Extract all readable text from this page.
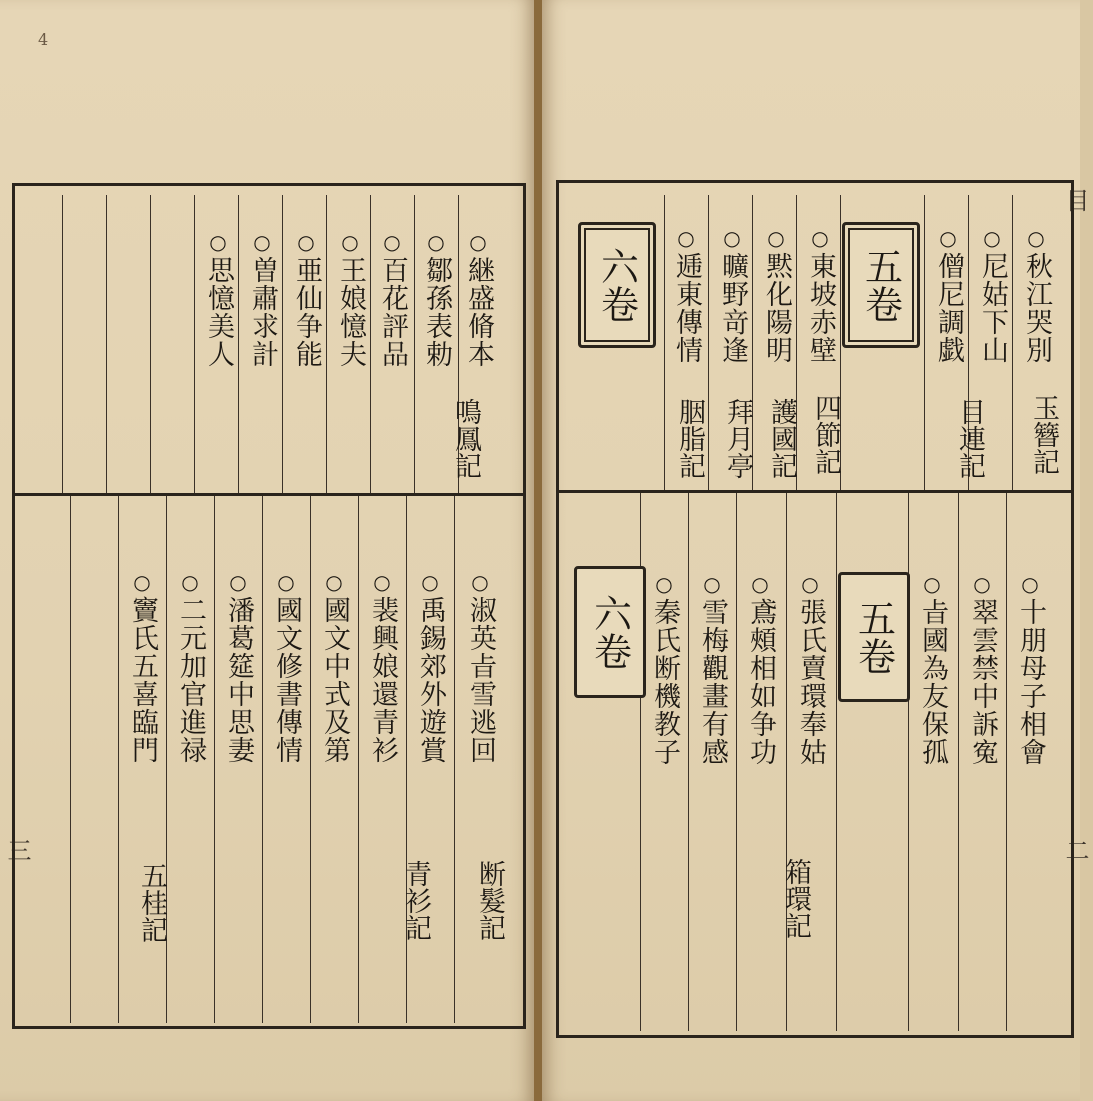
4
目
三	二
○
継盛脩本
○
鄒孫表勅
○
百花評品
○
王娘憶夫
○
亜仙争能
○
曽肅求計
○
思憶美人
鳴鳳記
○
淑英㫖雪逃回
○
禹錫郊外遊賞
○
裴興娘還青衫
○
國文中式及第
○
國文修書傳情
○
潘葛筵中思妻
○
二元加官進禄
○
竇氏五喜臨門
断髮記
青衫記
五桂記
○
秋江哭別
○
尼姑下山
○
僧尼調戯
五卷
○
東坡赤壁
○
黙化陽明
○
曠野竒逢
○
逓東傳情
六卷
玉簪記
目連記
四節記
護國記
拜月亭
胭脂記
○
十朋母子相會
○
翠雲禁中訴寃
○
㫖國為友保孤
五卷
○
張氏賣環奉姑
○
鳶頰相如争功
○
雪梅觀畫有感
○
秦氏断機教子
六卷
箱環記
